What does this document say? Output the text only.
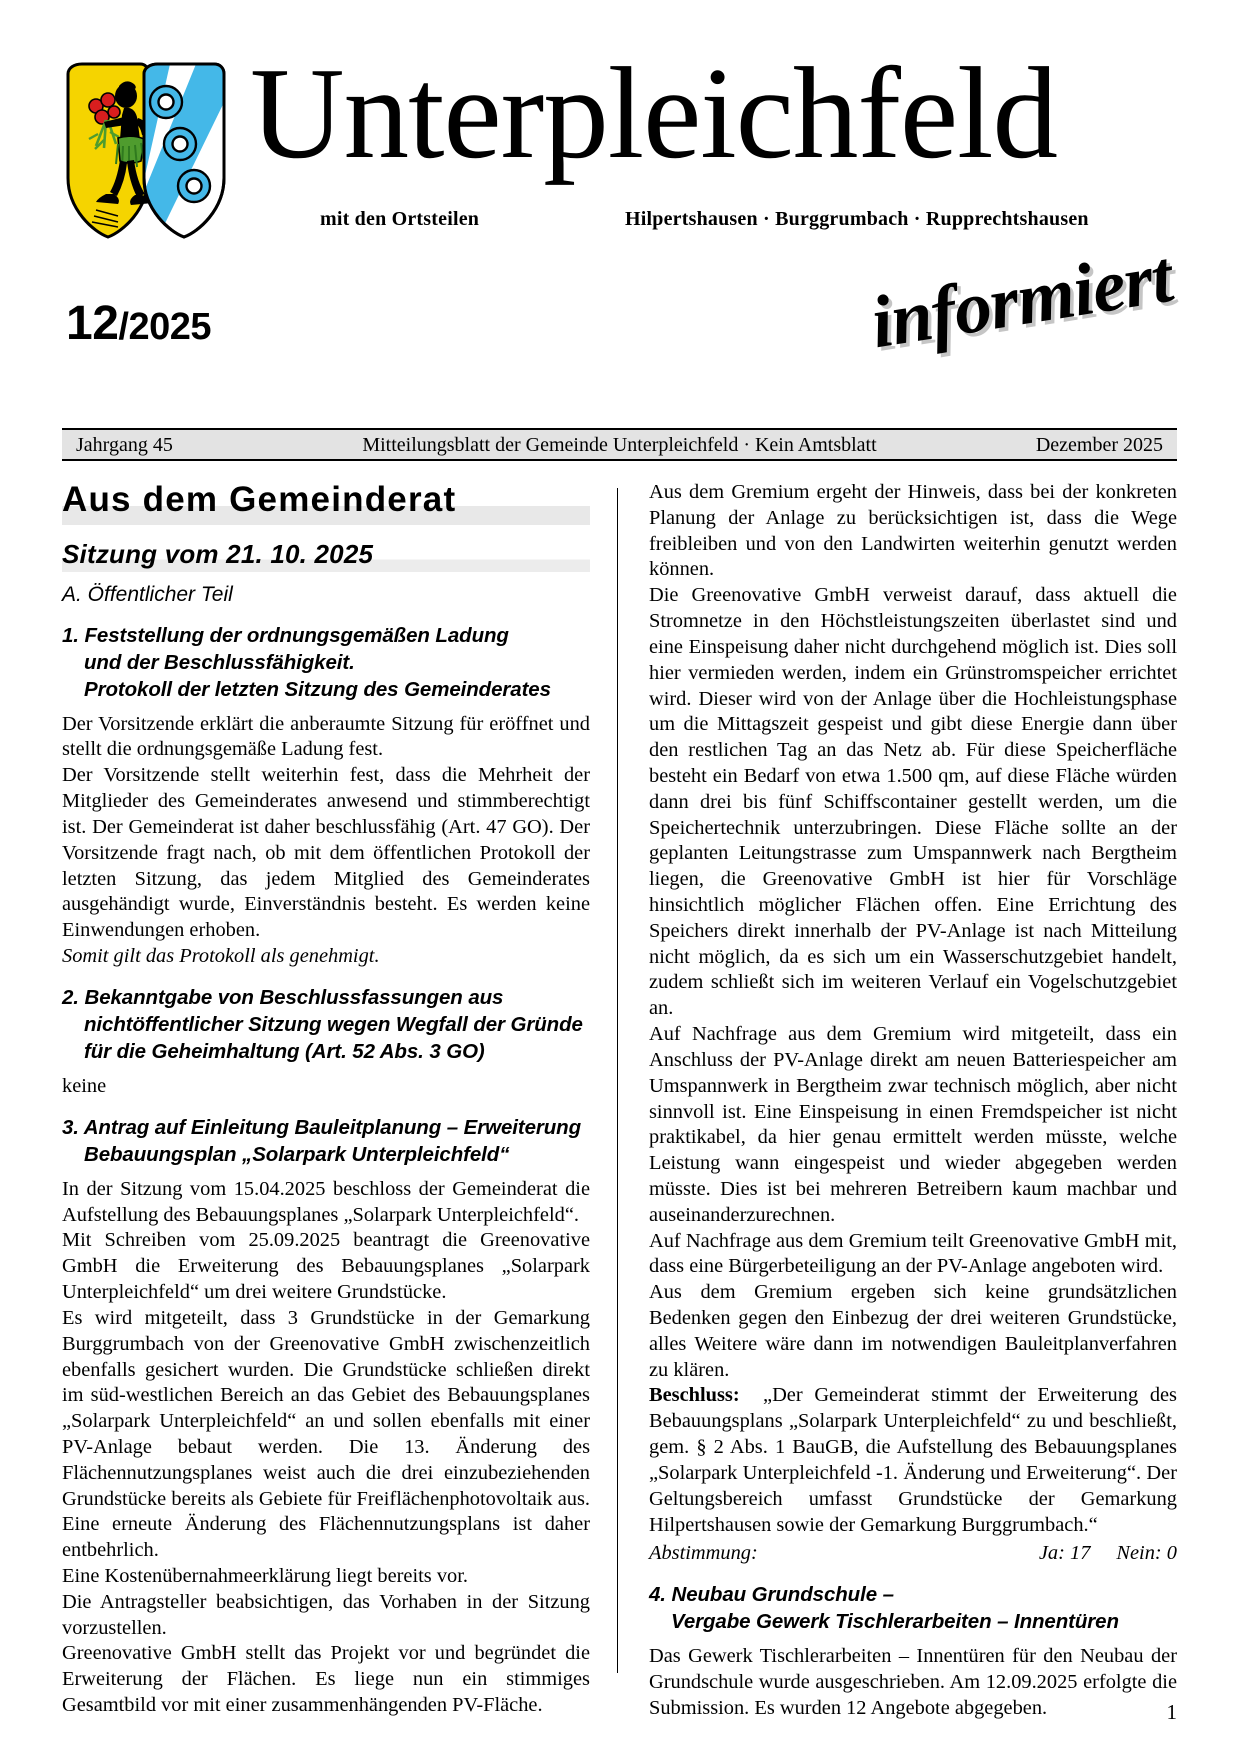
Unterpleichfeld
mit den Ortsteilen	Hilpertshausen · Burggrumbach · Rupprechtshausen
12/2025	informiert
Jahrgang 45	Mitteilungsblatt der Gemeinde Unterpleichfeld · Kein Amtsblatt	Dezember 2025
Aus dem Gemeinderat
Sitzung vom 21. 10. 2025
A. Öffentlicher Teil
1. Feststellung der ordnungsgemäßen Ladung
und der Beschlussfähigkeit.
Protokoll der letzten Sitzung des Gemeinderates

Der Vorsitzende erklärt die anberaumte Sitzung für eröffnet und stellt die ordnungsgemäße Ladung fest.

Der Vorsitzende stellt weiterhin fest, dass die Mehrheit der Mitglieder des Gemeinderates anwesend und stimmberechtigt ist. Der Gemeinderat ist daher beschlussfähig (Art. 47 GO). Der Vorsitzende fragt nach, ob mit dem öffentlichen Protokoll der letzten Sitzung, das jedem Mitglied des Gemeinderates ausgehändigt wurde, Einverständnis besteht. Es werden keine Einwendungen erhoben.

Somit gilt das Protokoll als genehmigt.

2. Bekanntgabe von Beschlussfassungen aus
nichtöffentlicher Sitzung wegen Wegfall der Gründe
für die Geheimhaltung (Art. 52 Abs. 3 GO)

keine

3. Antrag auf Einleitung Bauleitplanung – Erweiterung
Bebauungsplan „Solarpark Unterpleichfeld“

In der Sitzung vom 15.04.2025 beschloss der Gemeinderat die Aufstellung des Bebauungsplanes „Solarpark Unterpleichfeld“.

Mit Schreiben vom 25.09.2025 beantragt die Greenovative GmbH die Erweiterung des Bebauungsplanes „Solarpark Unterpleichfeld“ um drei weitere Grundstücke.

Es wird mitgeteilt, dass 3 Grundstücke in der Gemarkung Burggrumbach von der Greenovative GmbH zwischenzeitlich ebenfalls gesichert wurden. Die Grundstücke schließen direkt im süd-westlichen Bereich an das Gebiet des Bebauungsplanes „Solarpark Unterpleichfeld“ an und sollen ebenfalls mit einer PV-Anlage bebaut werden. Die 13. Änderung des Flächennutzungsplanes weist auch die drei einzubeziehenden Grundstücke bereits als Gebiete für Freiflächenphotovoltaik aus. Eine erneute Änderung des Flächennutzungsplans ist daher entbehrlich.

Eine Kostenübernahmeerklärung liegt bereits vor.

Die Antragsteller beabsichtigen, das Vorhaben in der Sitzung vorzustellen.

Greenovative GmbH stellt das Projekt vor und begründet die Erweiterung der Flächen. Es liege nun ein stimmiges Gesamtbild vor mit einer zusammenhängenden PV-Fläche.

Aus dem Gremium ergeht der Hinweis, dass bei der konkreten Planung der Anlage zu berücksichtigen ist, dass die Wege freibleiben und von den Landwirten weiterhin genutzt werden können.

Die Greenovative GmbH verweist darauf, dass aktuell die Stromnetze in den Höchstleistungszeiten überlastet sind und eine Einspeisung daher nicht durchgehend möglich ist. Dies soll hier vermieden werden, indem ein Grünstromspeicher errichtet wird. Dieser wird von der Anlage über die Hochleistungsphase um die Mittagszeit gespeist und gibt diese Energie dann über den restlichen Tag an das Netz ab. Für diese Speicherfläche besteht ein Bedarf von etwa 1.500 qm, auf diese Fläche würden dann drei bis fünf Schiffscontainer gestellt werden, um die Speichertechnik unterzubringen. Diese Fläche sollte an der geplanten Leitungstrasse zum Umspannwerk nach Bergtheim liegen, die Greenovative GmbH ist hier für Vorschläge hinsichtlich möglicher Flächen offen. Eine Errichtung des Speichers direkt innerhalb der PV-Anlage ist nach Mitteilung nicht möglich, da es sich um ein Wasserschutzgebiet handelt, zudem schließt sich im weiteren Verlauf ein Vogelschutzgebiet an.

Auf Nachfrage aus dem Gremium wird mitgeteilt, dass ein Anschluss der PV-Anlage direkt am neuen Batteriespeicher am Umspannwerk in Bergtheim zwar technisch möglich, aber nicht sinnvoll ist. Eine Einspeisung in einen Fremdspeicher ist nicht praktikabel, da hier genau ermittelt werden müsste, welche Leistung wann eingespeist und wieder abgegeben werden müsste. Dies ist bei mehreren Betreibern kaum machbar und auseinanderzurechnen.

Auf Nachfrage aus dem Gremium teilt Greenovative GmbH mit, dass eine Bürgerbeteiligung an der PV-Anlage angeboten wird.

Aus dem Gremium ergeben sich keine grundsätzlichen Bedenken gegen den Einbezug der drei weiteren Grundstücke, alles Weitere wäre dann im notwendigen Bauleitplanverfahren zu klären.

Beschluss: „Der Gemeinderat stimmt der Erweiterung des Bebauungsplans „Solarpark Unterpleichfeld“ zu und beschließt, gem. § 2 Abs. 1 BauGB, die Aufstellung des Bebauungsplanes „Solarpark Unterpleichfeld -1. Änderung und Erweiterung“. Der Geltungsbereich umfasst Grundstücke der Gemarkung Hilpertshausen sowie der Gemarkung Burggrumbach.“

Abstimmung:	Ja: 17 Nein: 0
4. Neubau Grundschule –
Vergabe Gewerk Tischlerarbeiten – Innentüren

Das Gewerk Tischlerarbeiten – Innentüren für den Neubau der Grundschule wurde ausgeschrieben. Am 12.09.2025 erfolgte die Submission. Es wurden 12 Angebote abgegeben.	1
